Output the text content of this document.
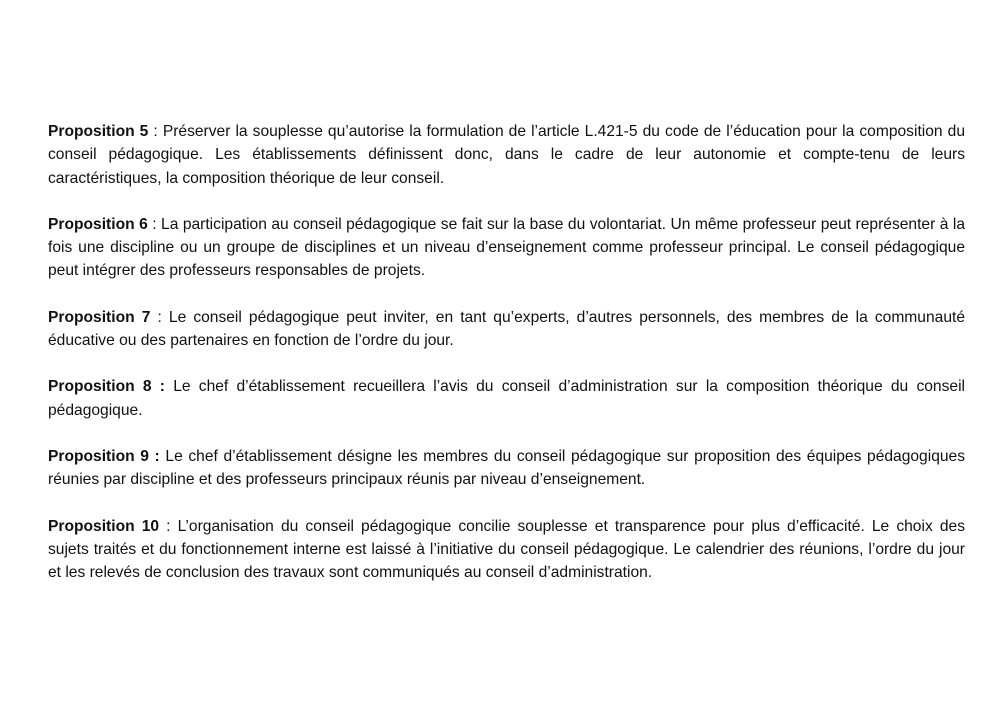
Proposition 5 : Préserver la souplesse qu’autorise la formulation de l’article L.421-5 du code de l’éducation pour la composition du conseil pédagogique. Les établissements définissent donc, dans le cadre de leur autonomie et compte-tenu de leurs caractéristiques, la composition théorique de leur conseil.

Proposition 6 : La participation au conseil pédagogique se fait sur la base du volontariat. Un même professeur peut représenter à la fois une discipline ou un groupe de disciplines et un niveau d’enseignement comme professeur principal. Le conseil pédagogique peut intégrer des professeurs responsables de projets.

Proposition 7 : Le conseil pédagogique peut inviter, en tant qu’experts, d’autres personnels, des membres de la communauté éducative ou des partenaires en fonction de l’ordre du jour.

Proposition 8 : Le chef d’établissement recueillera l’avis du conseil d’administration sur la composition théorique du conseil pédagogique.

Proposition 9 : Le chef d’établissement désigne les membres du conseil pédagogique sur proposition des équipes pédagogiques réunies par discipline et des professeurs principaux réunis par niveau d’enseignement.

Proposition 10 : L’organisation du conseil pédagogique concilie souplesse et transparence pour plus d’efficacité. Le choix des sujets traités et du fonctionnement interne est laissé à l’initiative du conseil pédagogique. Le calendrier des réunions, l’ordre du jour et les relevés de conclusion des travaux sont communiqués au conseil d’administration.
